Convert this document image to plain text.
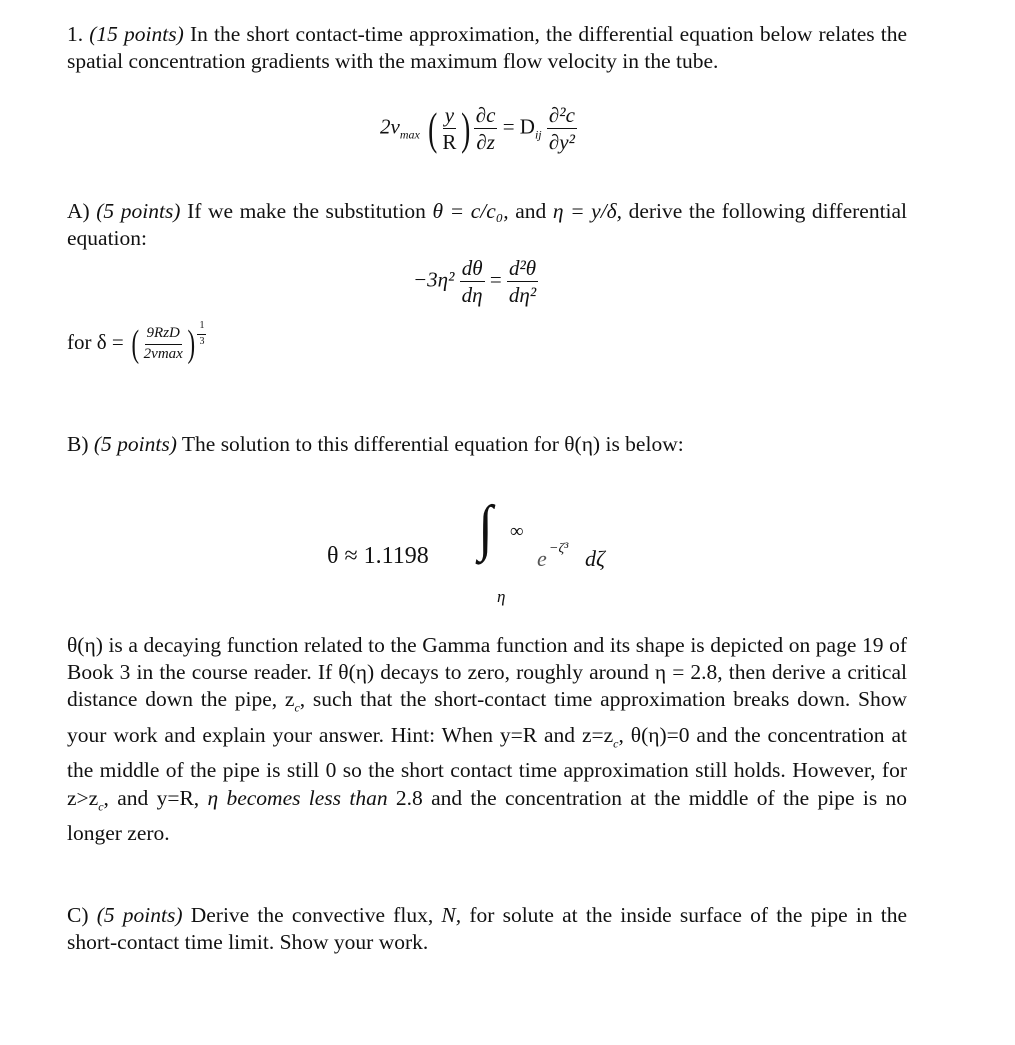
1. (15 points) In the short contact-time approximation, the differential equation below relates the spatial concentration gradients with the maximum flow velocity in the tube.
$2v_{max}$ ( $\frac{y}{R}$ ) $\frac{\partial c}{\partial z} = D_{ij} \frac{\text{∂²c}}{\text{∂y²}}$
A) (5 points) If we make the substitution θ = c/c₀, and η = y/δ, derive the following differential equation:
$-3\eta^2 \frac{d\theta}{d\eta} = \frac{\text{d²θ}}{\text{dη²}}$
for δ = ( $\frac{\text{9RzD}}{2vmax}$ ) $\frac{1}{3}$
B) (5 points) The solution to this differential equation for θ(η) is below:
θ ≈ 1.1198 ∫ ∞
η
e −ζ³ dζ
θ(η) is a decaying function related to the Gamma function and its shape is depicted on page 19 of Book 3 in the course reader. If θ(η) decays to zero, roughly around η = 2.8, then derive a critical distance down the pipe, $z_c$, such that the short-contact time approximation breaks down. Show your work and explain your answer. Hint: When y=R and $z=z_c$, θ(η)=0 and the concentration at the middle of the pipe is still 0 so the short contact time approximation still holds. However, for $z>z_c$, and y=R, η becomes less than 2.8 and the concentration at the middle of the pipe is no longer zero.
C) (5 points) Derive the convective flux, N, for solute at the inside surface of the pipe in the short-contact time limit. Show your work.
